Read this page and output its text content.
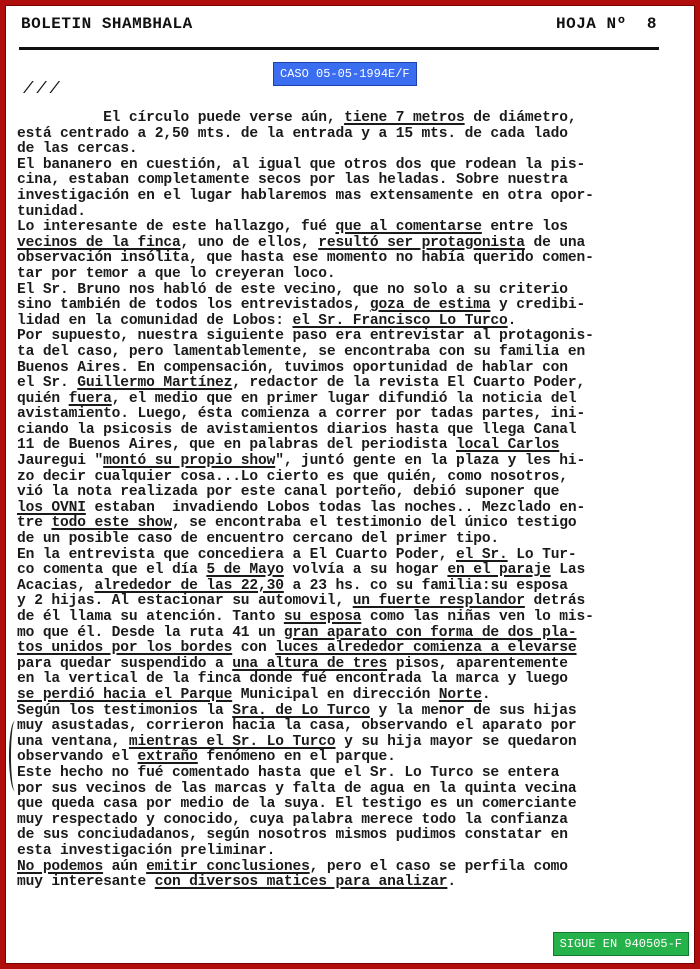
BOLETIN SHAMBHALA	HOJA Nº  8
CASO 05-05-1994E/F
///
El círculo puede verse aún, tiene 7 metros de diámetro,
está centrado a 2,50 mts. de la entrada y a 15 mts. de cada lado
de las cercas.
El bananero en cuestión, al igual que otros dos que rodean la pis-
cina, estaban completamente secos por las heladas. Sobre nuestra
investigación en el lugar hablaremos mas extensamente en otra opor-
tunidad.
Lo interesante de este hallazgo, fué que al comentarse entre los
vecinos de la finca, uno de ellos, resultó ser protagonista de una
observación insólita, que hasta ese momento no había querido comen-
tar por temor a que lo creyeran loco.
El Sr. Bruno nos habló de este vecino, que no solo a su criterio
sino también de todos los entrevistados, goza de estima y credibi-
lidad en la comunidad de Lobos: el Sr. Francisco Lo Turco.
Por supuesto, nuestra siguiente paso era entrevistar al protagonis-
ta del caso, pero lamentablemente, se encontraba con su familia en
Buenos Aires. En compensación, tuvimos oportunidad de hablar con
el Sr. Guillermo Martínez, redactor de la revista El Cuarto Poder,
quién fuera, el medio que en primer lugar difundió la noticia del
avistamiento. Luego, ésta comienza a correr por tadas partes, ini-
ciando la psicosis de avistamientos diarios hasta que llega Canal
11 de Buenos Aires, que en palabras del periodista local Carlos
Jauregui "montó su propio show", juntó gente en la plaza y les hi-
zo decir cualquier cosa...Lo cierto es que quién, como nosotros,
vió la nota realizada por este canal porteño, debió suponer que
los OVNI estaban  invadiendo Lobos todas las noches.. Mezclado en-
tre todo este show, se encontraba el testimonio del único testigo
de un posible caso de encuentro cercano del primer tipo.
En la entrevista que concediera a El Cuarto Poder, el Sr. Lo Tur-
co comenta que el día 5 de Mayo volvía a su hogar en el paraje Las
Acacias, alrededor de las 22,30 a 23 hs. co su familia:su esposa
y 2 hijas. Al estacionar su automovil, un fuerte resplandor detrás
de él llama su atención. Tanto su esposa como las niñas ven lo mis-
mo que él. Desde la ruta 41 un gran aparato con forma de dos pla-
tos unidos por los bordes con luces alrededor comienza a elevarse
para quedar suspendido a una altura de tres pisos, aparentemente
en la vertical de la finca donde fué encontrada la marca y luego
se perdió hacia el Parque Municipal en dirección Norte.
Según los testimonios la Sra. de Lo Turco y la menor de sus hijas
muy asustadas, corrieron hacia la casa, observando el aparato por
una ventana, mientras el Sr. Lo Turco y su hija mayor se quedaron
observando el extraño fenómeno en el parque.
Este hecho no fué comentado hasta que el Sr. Lo Turco se entera
por sus vecinos de las marcas y falta de agua en la quinta vecina
que queda casa por medio de la suya. El testigo es un comerciante
muy respectado y conocido, cuya palabra merece todo la confianza
de sus conciudadanos, según nosotros mismos pudimos constatar en
esta investigación preliminar.
No podemos aún emitir conclusiones, pero el caso se perfila como
muy interesante con diversos matices para analizar.
SIGUE EN 940505-F
